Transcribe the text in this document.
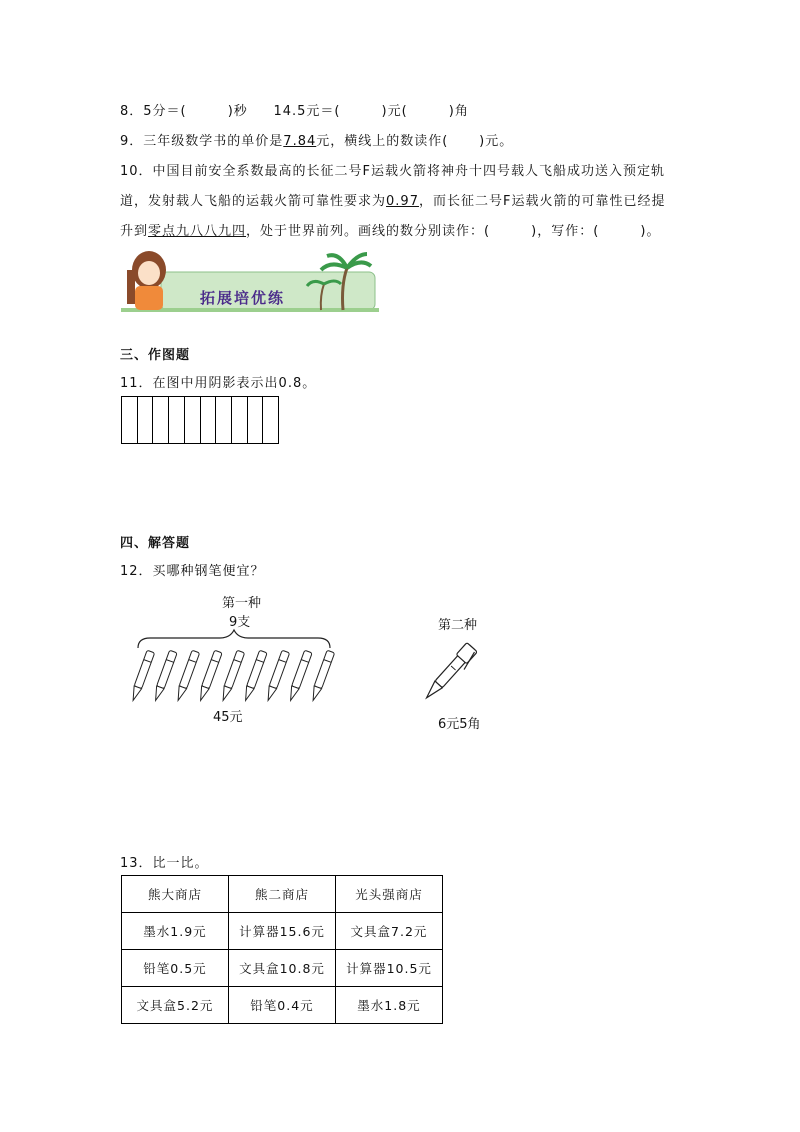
8．5分＝(	)秒 14.5元＝(	)元(	)角
9．三年级数学书的单价是7.84元，横线上的数读作( )元。
10．中国目前安全系数最高的长征二号F运载火箭将神舟十四号载人飞船成功送入预定轨
道，发射载人飞船的运载火箭可靠性要求为0.97，而长征二号F运载火箭的可靠性已经提
升到零点九八八九四，处于世界前列。画线的数分别读作：(	)，写作：(	)。
拓展培优练
三、作图题
11．在图中用阴影表示出0.8。
四、解答题
12．买哪种钢笔便宜？
第一种
9支
45元
第二种
6元5角
13．比一比。
熊大商店	熊二商店	光头强商店
墨水1.9元	计算器15.6元	文具盒7.2元
铅笔0.5元	文具盒10.8元	计算器10.5元
文具盒5.2元	铅笔0.4元	墨水1.8元
